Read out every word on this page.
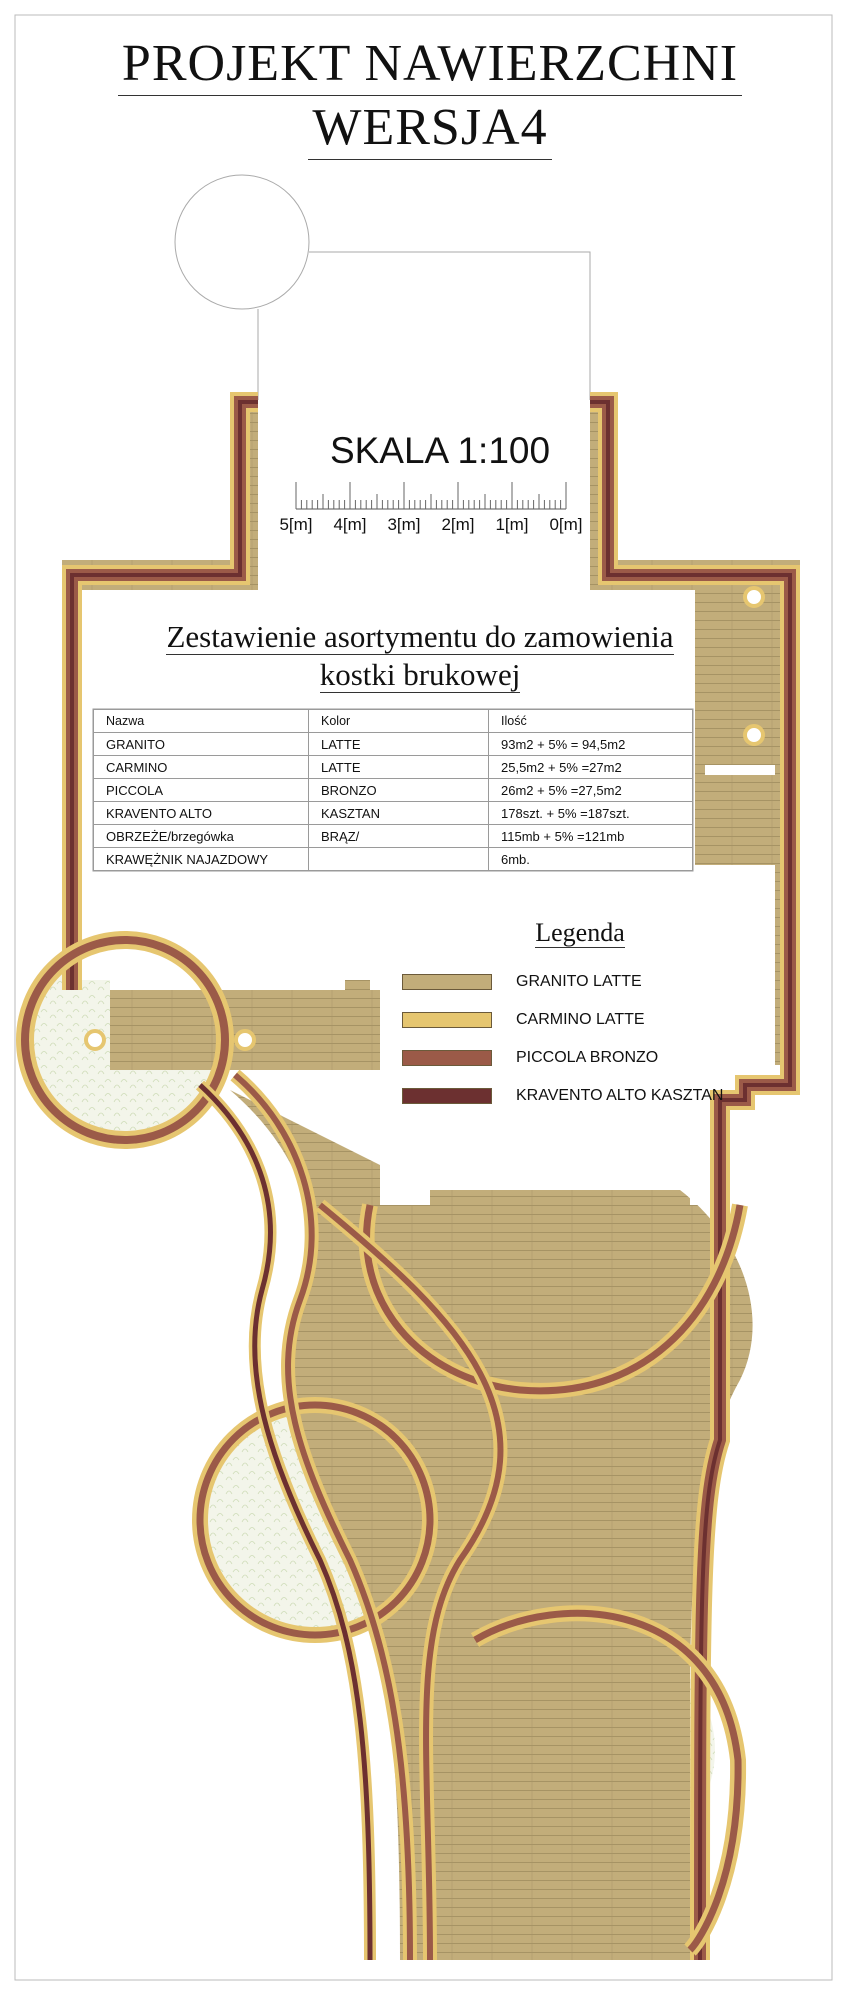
PROJEKT NAWIERZCHNI
WERSJA4
SKALA 1:100
5[m] 4[m] 3[m] 2[m] 1[m] 0[m]
Zestawienie asortymentu do zamowienia
kostki brukowej
Nazwa	Kolor	Ilość
GRANITO	LATTE	93m2 + 5% = 94,5m2
CARMINO	LATTE	25,5m2 + 5% =27m2
PICCOLA	BRONZO	26m2 + 5% =27,5m2
KRAVENTO ALTO	KASZTAN	178szt. + 5% =187szt.
OBRZEŻE/brzegówka	BRĄZ/	115mb + 5% =121mb
KRAWĘŻNIK NAJAZDOWY		6mb.
Legenda
GRANITO LATTE
CARMINO LATTE
PICCOLA BRONZO
KRAVENTO ALTO KASZTAN
